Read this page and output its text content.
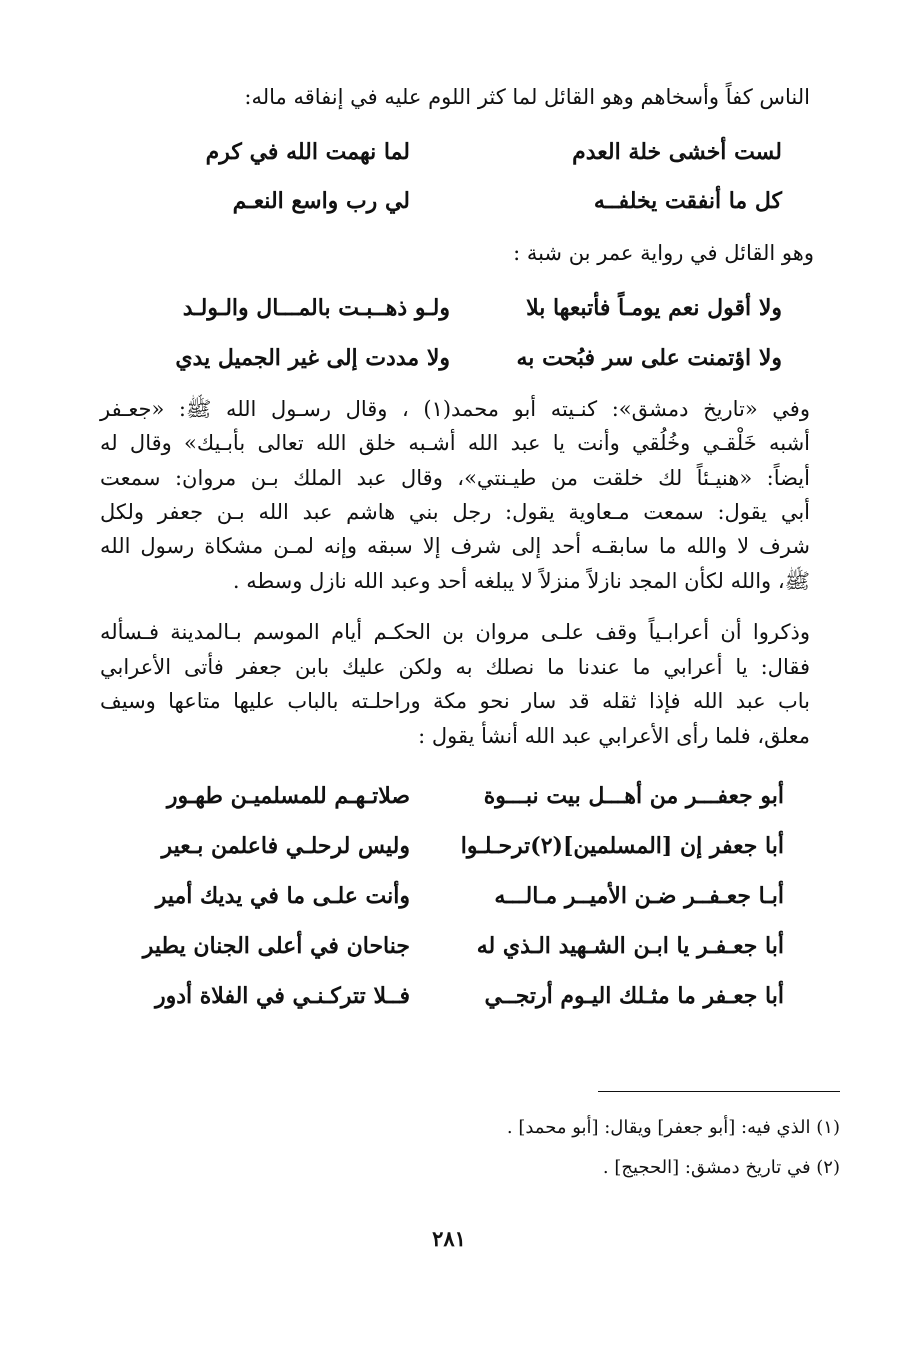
الناس كفاً وأسخاهم وهو القائل لما كثر اللوم عليه في إنفاقه ماله:
لست أخشى خلة العدم
لما نهمت الله في كرم
كل ما أنفقت يخلفــه
لي رب واسع النعـم
وهو القائل في رواية عمر بن شبة :
ولا أقول نعم يومـاً فأتبعها بلا
ولـو ذهــبـت بالمـــال والـولـد
ولا اؤتمنت على سر فبُحت به
ولا مددت إلى غير الجميل يدي
وفي «تاريخ دمشق»: كنـيته أبو محمد(١) ، وقال رسـول الله ﷺ: «جعـفر
أشبه خَلْقـي وخُلُقي وأنت يا عبد الله أشـبه خلق الله تعالى بأبـيك» وقال له
أيضاً: «هنيـئاً لك خلقت من طيـنتي»، وقال عبد الملك بـن مروان: سمعت
أبي يقول: سمعت مـعاوية يقول: رجل بني هاشم عبد الله بـن جعفر ولكل
شرف لا والله ما سابقـه أحد إلى شرف إلا سبقه وإنه لمـن مشكاة رسول الله
ﷺ، والله لكأن المجد نازلاً منزلاً لا يبلغه أحد وعبد الله نازل وسطه .
وذكروا أن أعرابـياً وقف علـى مروان بن الحكـم أيام الموسم بـالمدينة فـسأله
فقال: يا أعرابي ما عندنا ما نصلك به ولكن عليك بابن جعفر فأتى الأعرابي
باب عبد الله فإذا ثقله قد سار نحو مكة وراحلـته بالباب عليها متاعها وسيف
معلق، فلما رأى الأعرابي عبد الله أنشأ يقول :
أبو جعفـــر من أهـــل بيت نبـــوة
صلاتـهـم للمسلميـن طهـور
أبا جعفر إن [المسلمين](٢)ترحـلـوا
وليس لرحلـي فاعلمن بـعير
أبـا جعـفــر ضـن الأميــر مـالـــه
وأنت علـى ما في يديك أمير
أبا جعـفـر يا ابـن الشـهيد الـذي له
جناحان في أعلى الجنان يطير
أبا جعـفر ما مثـلك اليـوم أرتجــي
فــلا تتركـنـي في الفلاة أدور
(١) الذي فيه: [أبو جعفر] ويقال: [أبو محمد] .
(٢) في تاريخ دمشق: [الحجيج] .
٢٨١
